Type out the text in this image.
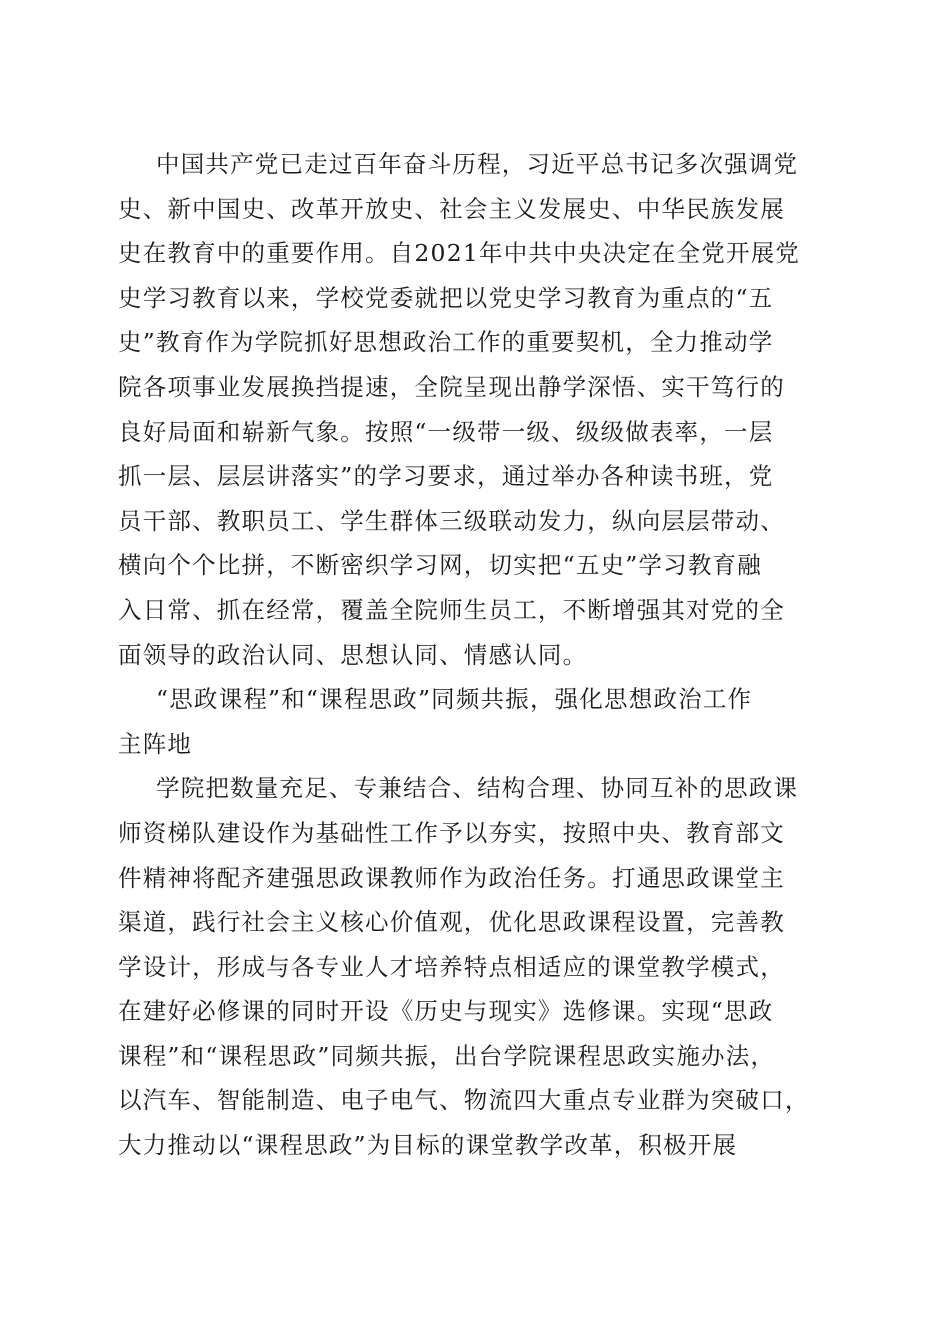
中国共产党已走过百年奋斗历程，习近平总书记多次强调党
史、新中国史、改革开放史、社会主义发展史、中华民族发展
史在教育中的重要作用。自2021年中共中央决定在全党开展党
史学习教育以来，学校党委就把以党史学习教育为重点的“五
史”教育作为学院抓好思想政治工作的重要契机，全力推动学
院各项事业发展换挡提速，全院呈现出静学深悟、实干笃行的
良好局面和崭新气象。按照“一级带一级、级级做表率，一层
抓一层、层层讲落实”的学习要求，通过举办各种读书班，党
员干部、教职员工、学生群体三级联动发力，纵向层层带动、
横向个个比拼，不断密织学习网，切实把“五史”学习教育融
入日常、抓在经常，覆盖全院师生员工，不断增强其对党的全
面领导的政治认同、思想认同、情感认同。
“思政课程”和“课程思政”同频共振，强化思想政治工作
主阵地
学院把数量充足、专兼结合、结构合理、协同互补的思政课
师资梯队建设作为基础性工作予以夯实，按照中央、教育部文
件精神将配齐建强思政课教师作为政治任务。打通思政课堂主
渠道，践行社会主义核心价值观，优化思政课程设置，完善教
学设计，形成与各专业人才培养特点相适应的课堂教学模式，
在建好必修课的同时开设《历史与现实》选修课。实现“思政
课程”和“课程思政”同频共振，出台学院课程思政实施办法，
以汽车、智能制造、电子电气、物流四大重点专业群为突破口，
大力推动以“课程思政”为目标的课堂教学改革，积极开展
